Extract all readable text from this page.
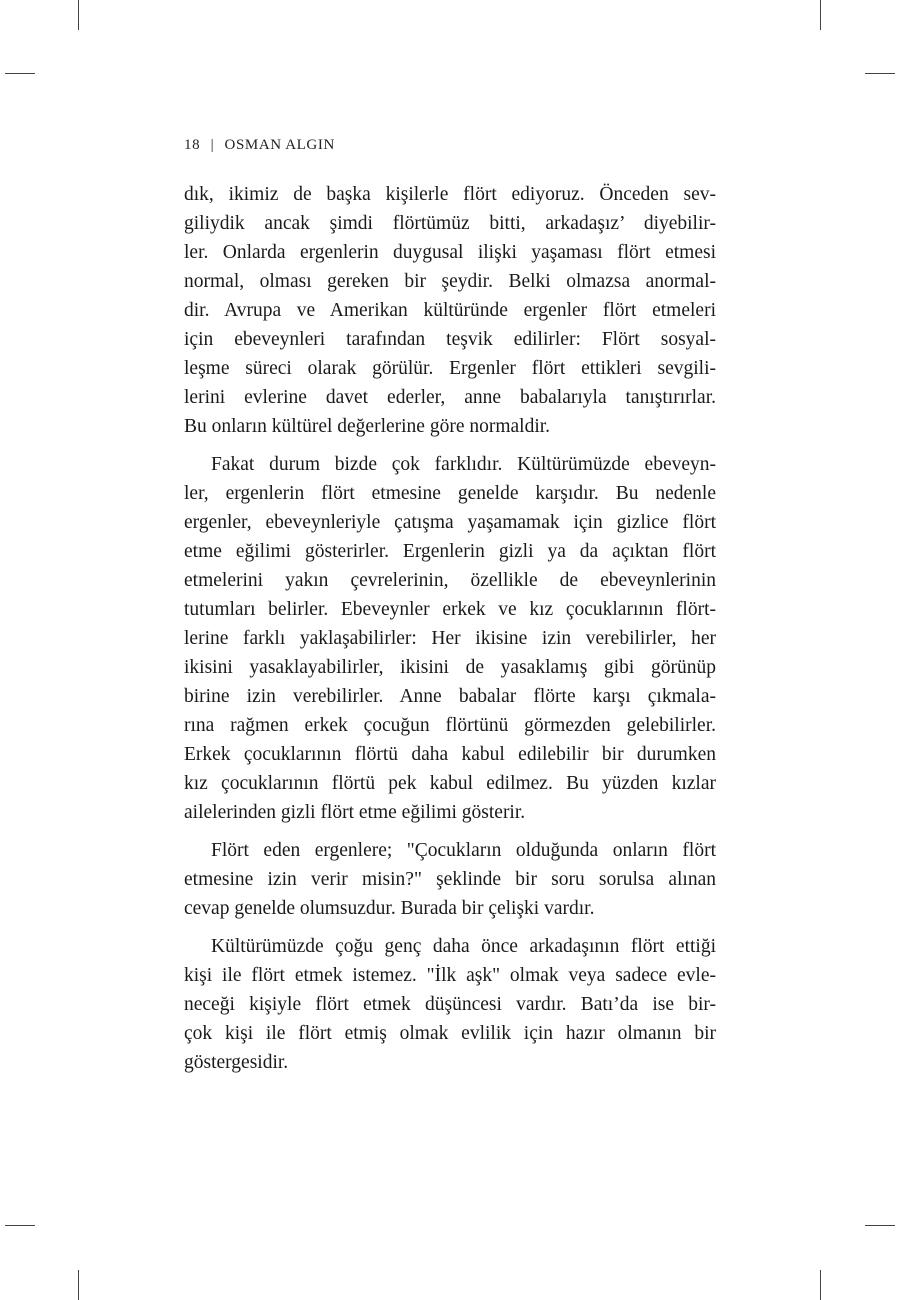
18 | OSMAN ALGIN
dık, ikimiz de başka kişilerle flört ediyoruz. Önceden sev-
giliydik ancak şimdi flörtümüz bitti, arkadaşız’ diyebilir-
ler. Onlarda ergenlerin duygusal ilişki yaşaması flört etmesi
normal, olması gereken bir şeydir. Belki olmazsa anormal-
dir. Avrupa ve Amerikan kültüründe ergenler flört etmeleri
için ebeveynleri tarafından teşvik edilirler: Flört sosyal-
leşme süreci olarak görülür. Ergenler flört ettikleri sevgili-
lerini evlerine davet ederler, anne babalarıyla tanıştırırlar.
Bu onların kültürel değerlerine göre normaldir.
Fakat durum bizde çok farklıdır. Kültürümüzde ebeveyn-
ler, ergenlerin flört etmesine genelde karşıdır. Bu nedenle
ergenler, ebeveynleriyle çatışma yaşamamak için gizlice flört
etme eğilimi gösterirler. Ergenlerin gizli ya da açıktan flört
etmelerini yakın çevrelerinin, özellikle de ebeveynlerinin
tutumları belirler. Ebeveynler erkek ve kız çocuklarının flört-
lerine farklı yaklaşabilirler: Her ikisine izin verebilirler, her
ikisini yasaklayabilirler, ikisini de yasaklamış gibi görünüp
birine izin verebilirler. Anne babalar flörte karşı çıkmala-
rına rağmen erkek çocuğun flörtünü görmezden gelebilirler.
Erkek çocuklarının flörtü daha kabul edilebilir bir durumken
kız çocuklarının flörtü pek kabul edilmez. Bu yüzden kızlar
ailelerinden gizli flört etme eğilimi gösterir.
Flört eden ergenlere; "Çocukların olduğunda onların flört
etmesine izin verir misin?" şeklinde bir soru sorulsa alınan
cevap genelde olumsuzdur. Burada bir çelişki vardır.
Kültürümüzde çoğu genç daha önce arkadaşının flört ettiği
kişi ile flört etmek istemez. "İlk aşk" olmak veya sadece evle-
neceği kişiyle flört etmek düşüncesi vardır. Batı’da ise bir-
çok kişi ile flört etmiş olmak evlilik için hazır olmanın bir
göstergesidir.
